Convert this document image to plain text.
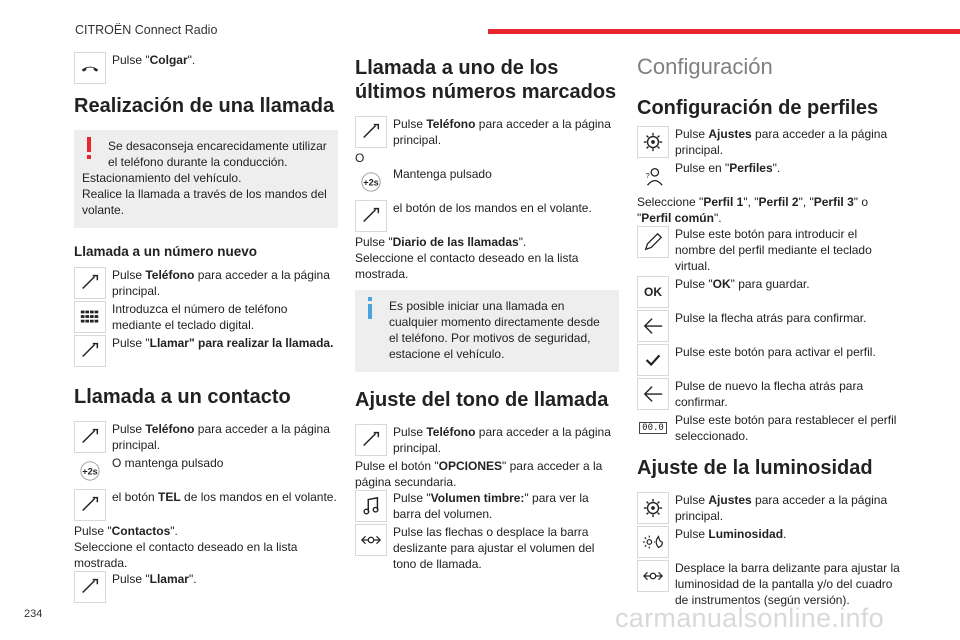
CITROËN Connect Radio
234	carmanualsonline.info
Pulse "Colgar".
Realización de una llamada

Se desaconseja encarecidamente utilizar el teléfono durante la conducción.

Estacionamiento del vehículo.

Realice la llamada a través de los mandos del volante.

Llamada a un número nuevo
Pulse Teléfono para acceder a la página principal.
Introduzca el número de teléfono mediante el teclado digital.
Pulse "Llamar" para realizar la llamada.
Llamada a un contacto
Pulse Teléfono para acceder a la página principal.
+2s
O mantenga pulsado
el botón TEL de los mandos en el volante.

Pulse "Contactos".

Seleccione el contacto deseado en la lista mostrada.

Pulse "Llamar".
Llamada a uno de los últimos números marcados
Pulse Teléfono para acceder a la página principal.

O

+2s
Mantenga pulsado
el botón de los mandos en el volante.

Pulse "Diario de las llamadas".

Seleccione el contacto deseado en la lista mostrada.

Es posible iniciar una llamada en cualquier momento directamente desde el teléfono. Por motivos de seguridad, estacione el vehículo.

Ajuste del tono de llamada
Pulse Teléfono para acceder a la página principal.

Pulse el botón "OPCIONES" para acceder a la página secundaria.

Pulse "Volumen timbre:" para ver la barra del volumen.
Pulse las flechas o desplace la barra deslizante para ajustar el volumen del tono de llamada.
Configuración
Configuración de perfiles
Pulse Ajustes para acceder a la página principal.
?
Pulse en "Perfiles".

Seleccione "Perfil 1", "Perfil 2", "Perfil 3" o "Perfil común".

Pulse este botón para introducir el nombre del perfil mediante el teclado virtual.
OK
Pulse "OK" para guardar.
Pulse la flecha atrás para confirmar.
Pulse este botón para activar el perfil.
Pulse de nuevo la flecha atrás para confirmar.
00.0
Pulse este botón para restablecer el perfil seleccionado.
Ajuste de la luminosidad
Pulse Ajustes para acceder a la página principal.
Pulse Luminosidad.
Desplace la barra delizante para ajustar la luminosidad de la pantalla y/o del cuadro de instrumentos (según versión).
